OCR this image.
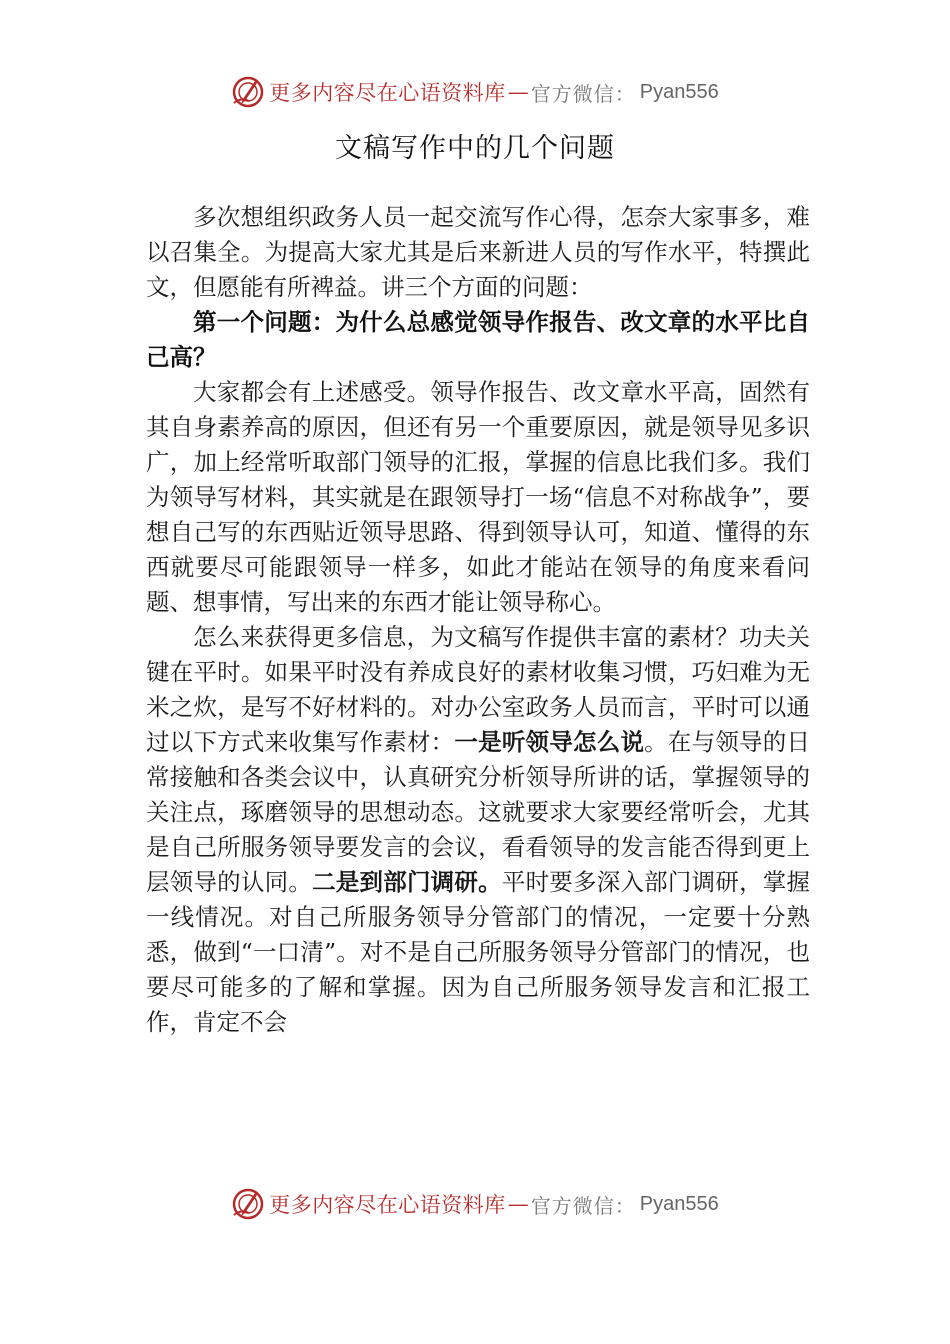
更多内容尽在心语资料库 — 官方微信： Pyan556
文稿写作中的几个问题

多次想组织政务人员一起交流写作心得，怎奈大家事多，难以召集全。为提高大家尤其是后来新进人员的写作水平，特撰此文，但愿能有所裨益。讲三个方面的问题：

第一个问题：为什么总感觉领导作报告、改文章的水平比自己高？

大家都会有上述感受。领导作报告、改文章水平高，固然有其自身素养高的原因，但还有另一个重要原因，就是领导见多识广，加上经常听取部门领导的汇报，掌握的信息比我们多。我们为领导写材料，其实就是在跟领导打一场“信息不对称战争”，要想自己写的东西贴近领导思路、得到领导认可，知道、懂得的东西就要尽可能跟领导一样多，如此才能站在领导的角度来看问题、想事情，写出来的东西才能让领导称心。

怎么来获得更多信息，为文稿写作提供丰富的素材？功夫关键在平时。如果平时没有养成良好的素材收集习惯，巧妇难为无米之炊，是写不好材料的。对办公室政务人员而言，平时可以通过以下方式来收集写作素材：一是听领导怎么说。在与领导的日常接触和各类会议中，认真研究分析领导所讲的话，掌握领导的关注点，琢磨领导的思想动态。这就要求大家要经常听会，尤其是自己所服务领导要发言的会议，看看领导的发言能否得到更上层领导的认同。二是到部门调研。平时要多深入部门调研，掌握一线情况。对自己所服务领导分管部门的情况，一定要十分熟悉，做到“一口清”。对不是自己所服务领导分管部门的情况，也要尽可能多的了解和掌握。因为自己所服务领导发言和汇报工作，肯定不会

更多内容尽在心语资料库 — 官方微信： Pyan556
